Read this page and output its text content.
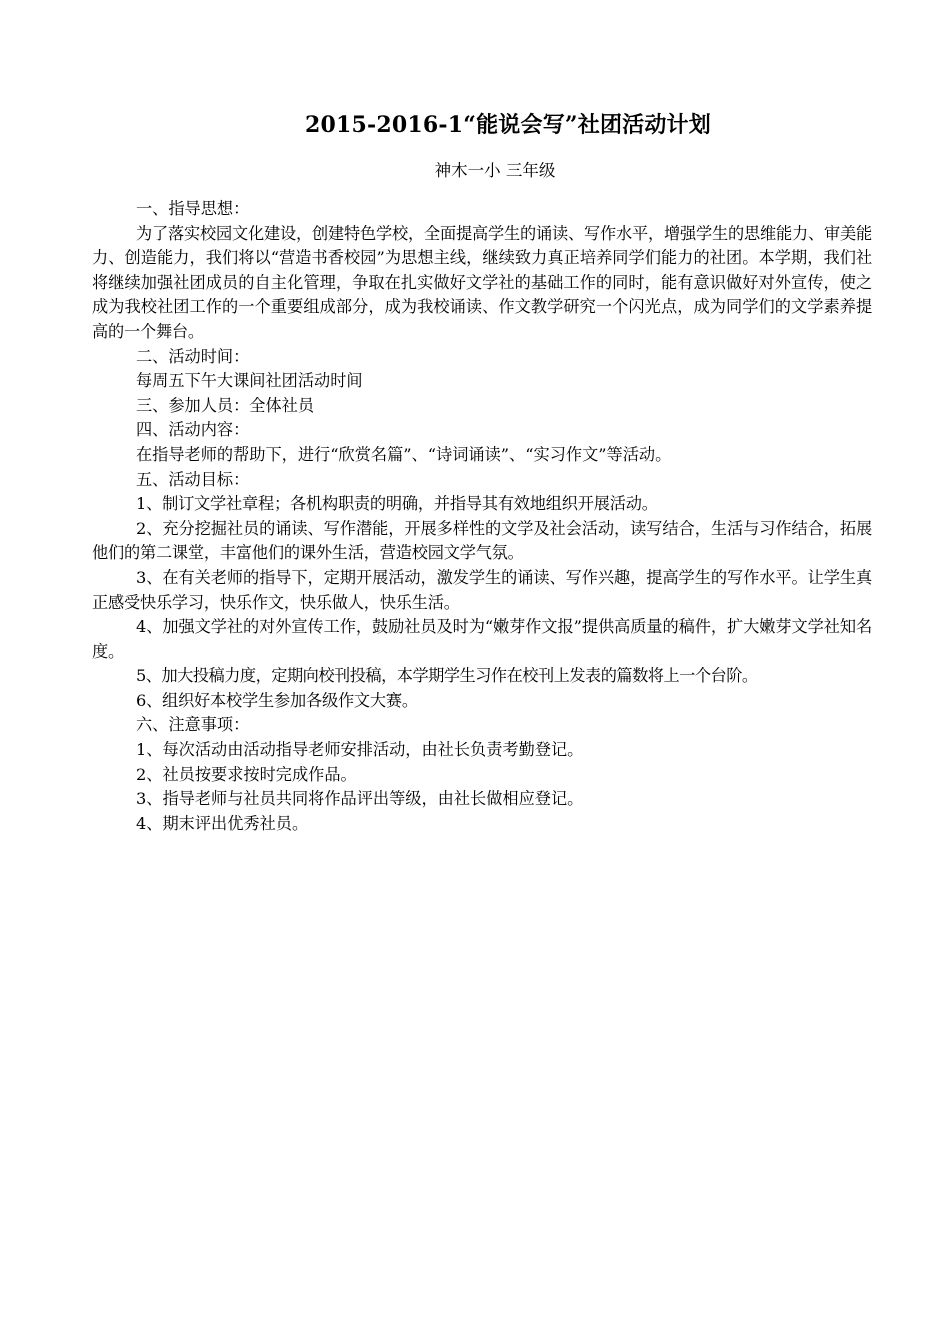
2015-2016-1“能说会写”社团活动计划
神木一小 三年级

一、指导思想：

为了落实校园文化建设，创建特色学校，全面提高学生的诵读、写作水平，增强学生的思维能力、审美能力、创造能力，我们将以“营造书香校园”为思想主线，继续致力真正培养同学们能力的社团。本学期，我们社将继续加强社团成员的自主化管理，争取在扎实做好文学社的基础工作的同时，能有意识做好对外宣传，使之成为我校社团工作的一个重要组成部分，成为我校诵读、作文教学研究一个闪光点，成为同学们的文学素养提高的一个舞台。

二、活动时间：

每周五下午大课间社团活动时间

三、参加人员：全体社员

四、活动内容：

在指导老师的帮助下，进行“欣赏名篇”、“诗词诵读”、“实习作文”等活动。

五、活动目标：

1、制订文学社章程；各机构职责的明确，并指导其有效地组织开展活动。

2、充分挖掘社员的诵读、写作潜能，开展多样性的文学及社会活动，读写结合，生活与习作结合，拓展他们的第二课堂，丰富他们的课外生活，营造校园文学气氛。

3、在有关老师的指导下，定期开展活动，激发学生的诵读、写作兴趣，提高学生的写作水平。让学生真正感受快乐学习，快乐作文，快乐做人，快乐生活。

4、加强文学社的对外宣传工作，鼓励社员及时为“嫩芽作文报”提供高质量的稿件，扩大嫩芽文学社知名度。

5、加大投稿力度，定期向校刊投稿，本学期学生习作在校刊上发表的篇数将上一个台阶。

6、组织好本校学生参加各级作文大赛。

六、注意事项：

1、每次活动由活动指导老师安排活动，由社长负责考勤登记。

2、社员按要求按时完成作品。

3、指导老师与社员共同将作品评出等级，由社长做相应登记。

4、期末评出优秀社员。
